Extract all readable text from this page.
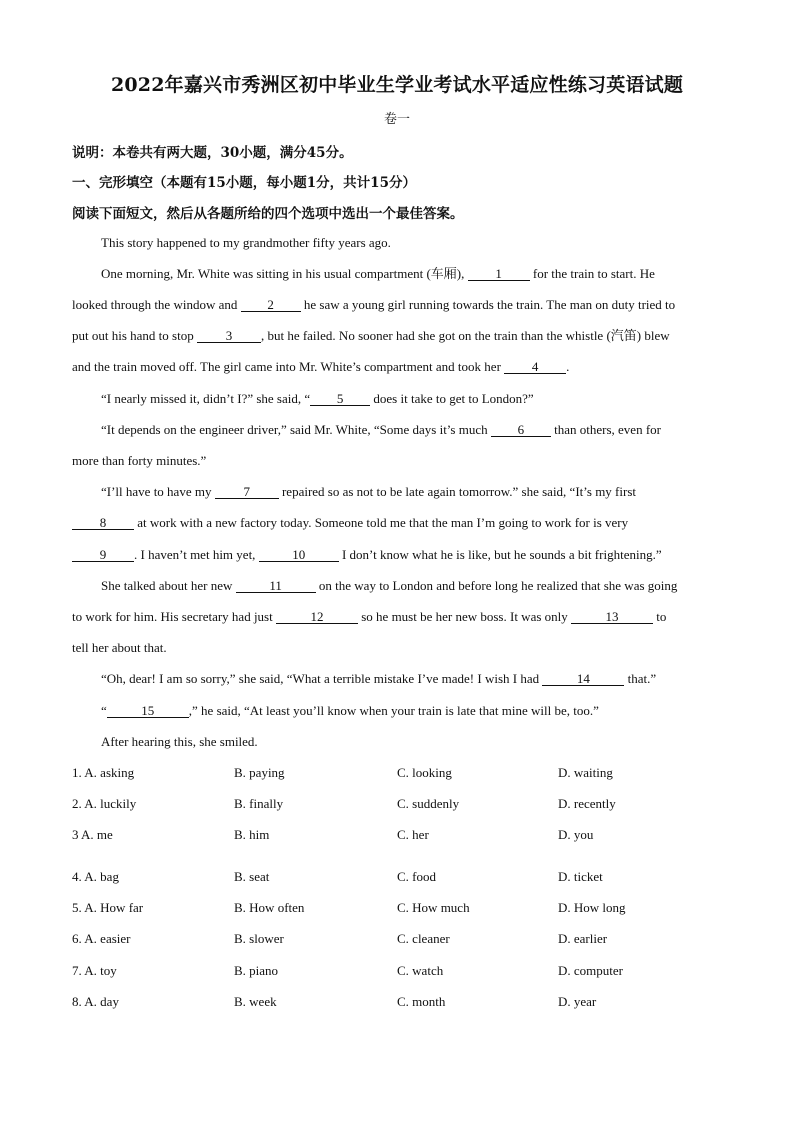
2022年嘉兴市秀洲区初中毕业生学业考试水平适应性练习英语试题
卷一
说明：本卷共有两大题，30小题，满分45分。
一、完形填空（本题有15小题，每小题1分，共计15分）
阅读下面短文，然后从各题所给的四个选项中选出一个最佳答案。
This story happened to my grandmother fifty years ago.
One morning, Mr. White was sitting in his usual compartment (车厢), 1 for the train to start. He
looked through the window and 2 he saw a young girl running towards the train. The man on duty tried to
put out his hand to stop 3 , but he failed. No sooner had she got on the train than the whistle (汽笛) blew
and the train moved off. The girl came into Mr. White’s compartment and took her 4 .
“I nearly missed it, didn’t I?” she said, “ 5 does it take to get to London?”
“It depends on the engineer driver,” said Mr. White, “Some days it’s much 6 than others, even for
more than forty minutes.”
“I’ll have to have my 7 repaired so as not to be late again tomorrow.” she said, “It’s my first
8 at work with a new factory today. Someone told me that the man I’m going to work for is very
9 . I haven’t met him yet,	10	I don’t know what he is like, but he sounds a bit frightening.”
She talked about her new	11	on the way to London and before long he realized that she was going
to work for him. His secretary had just	12	so he must be her new boss. It was only	13	to
tell her about that.
“Oh, dear! I am so sorry,” she said, “What a terrible mistake I’ve made! I wish I had	14	that.”
“	15	,” he said, “At least you’ll know when your train is late that mine will be, too.”
After hearing this, she smiled.
1. A. asking	B. paying	C. looking	D. waiting
2. A. luckily	B. finally	C. suddenly	D. recently
3 A. me	B. him	C. her	D. you
4. A. bag	B. seat	C. food	D. ticket
5. A. How far	B. How often	C. How much	D. How long
6. A. easier	B. slower	C. cleaner	D. earlier
7. A. toy	B. piano	C. watch	D. computer
8. A. day	B. week	C. month	D. year
